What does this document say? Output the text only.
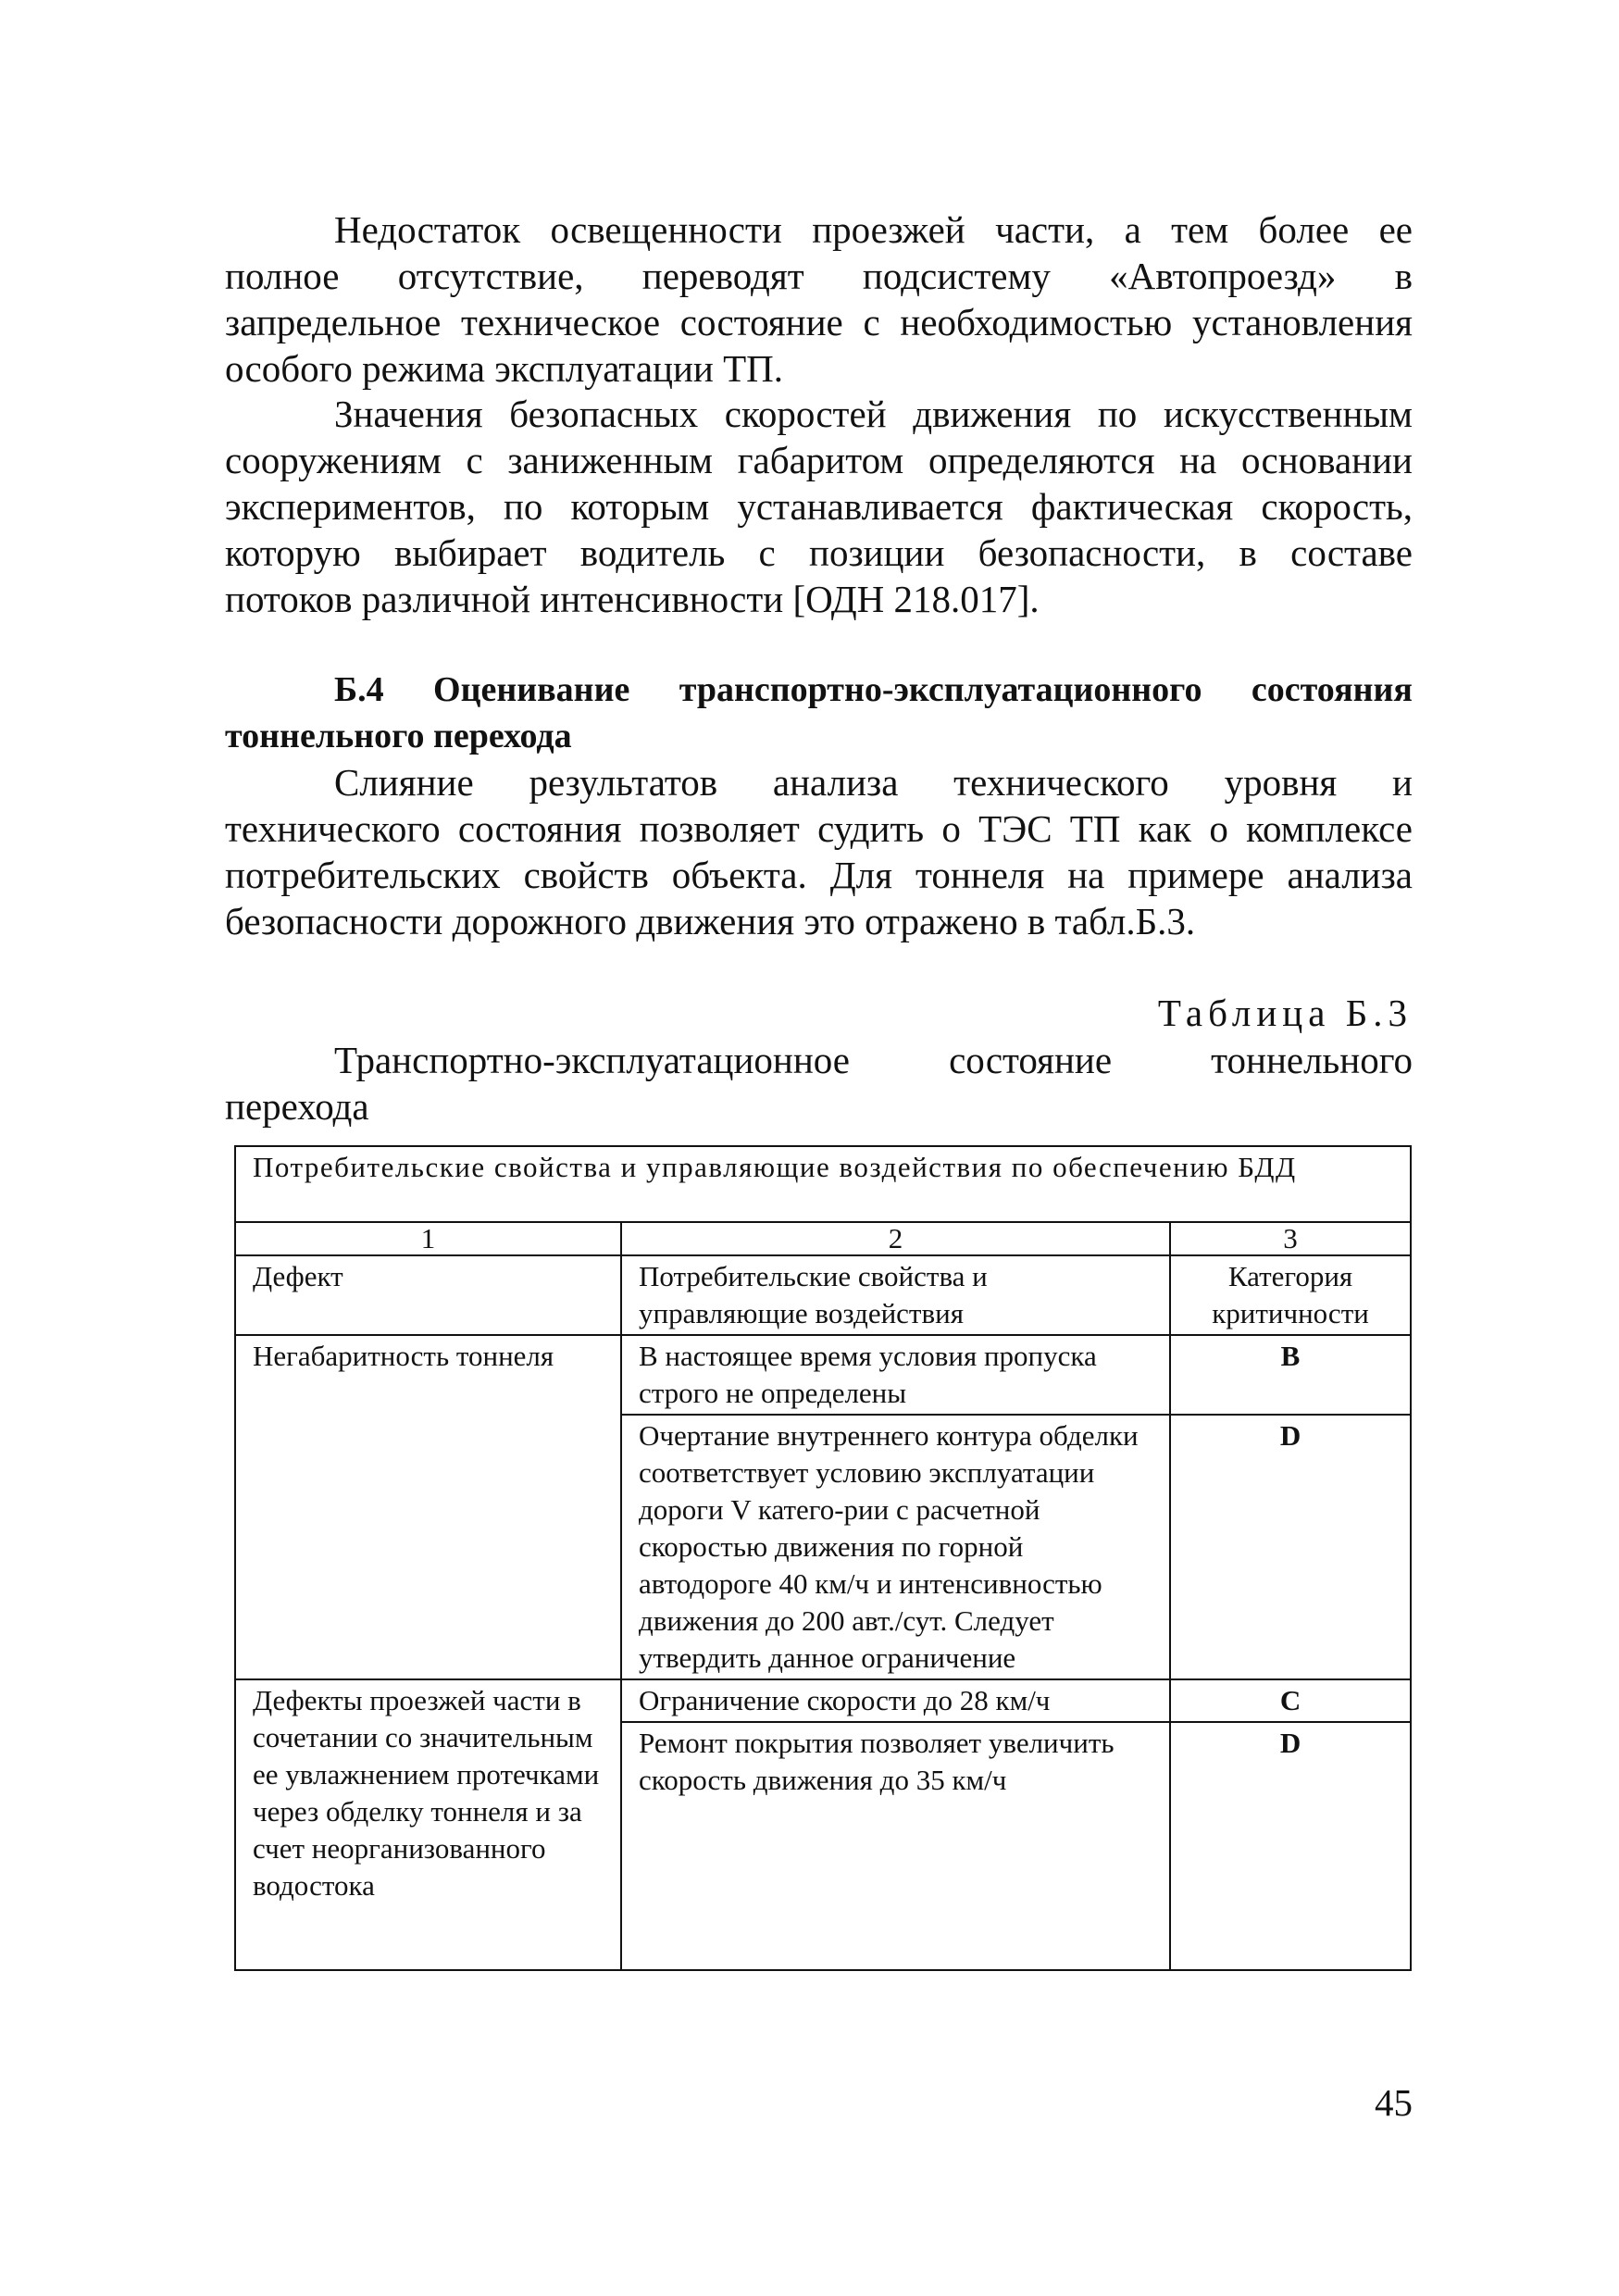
Недостаток освещенности проезжей части, а тем более ее
полное отсутствие, переводят подсистему «Автопроезд» в
запредельное техническое состояние с необходимостью установления
особого режима эксплуатации ТП.
Значения безопасных скоростей движения по искусственным
сооружениям с заниженным габаритом определяются на основании
экспериментов, по которым устанавливается фактическая скорость,
которую выбирает водитель с позиции безопасности, в составе
потоков различной интенсивности [ОДН 218.017].
Б.4 Оценивание транспортно-эксплуатационного состояния
тоннельного перехода
Слияние результатов анализа технического уровня и
технического состояния позволяет судить о ТЭС ТП как о комплексе
потребительских свойств объекта. Для тоннеля на примере анализа
безопасности дорожного движения это отражено в табл.Б.3.

Таблица Б.3

Транспортно-эксплуатационное состояние тоннельного
перехода
Потребительские свойства и управляющие воздействия по обеспечению БДД		
1	2	3
Дефект	Потребительские свойства и управляющие воздействия	Категория критичности
Негабаритность тоннеля	В настоящее время условия пропуска строго не определены	B
	Очертание внутреннего контура обделки соответствует условию эксплуатации дороги V катего-рии с расчетной скоростью движения по горной автодороге 40 км/ч и интенсивностью движения до 200 авт./сут. Следует утвердить данное ограничение	D
Дефекты проезжей части в сочетании со значительным ее увлажнением протечками через обделку тоннеля и за счет неорганизованного водостока	Ограничение скорости до 28 км/ч	C
	Ремонт покрытия позволяет увеличить скорость движения до 35 км/ч	D

45
